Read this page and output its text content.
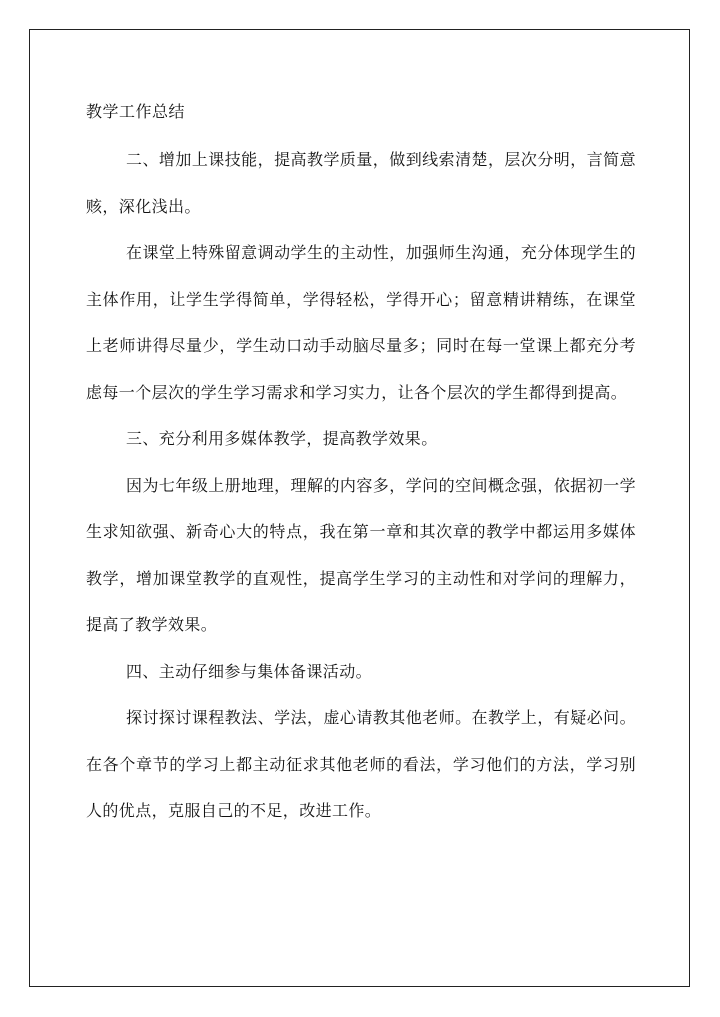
教学工作总结

二、增加上课技能，提高教学质量，做到线索清楚，层次分明，言简意赅，深化浅出。

在课堂上特殊留意调动学生的主动性，加强师生沟通，充分体现学生的主体作用，让学生学得简单，学得轻松，学得开心；留意精讲精练，在课堂上老师讲得尽量少，学生动口动手动脑尽量多；同时在每一堂课上都充分考虑每一个层次的学生学习需求和学习实力，让各个层次的学生都得到提高。

三、充分利用多媒体教学，提高教学效果。

因为七年级上册地理，理解的内容多，学问的空间概念强，依据初一学生求知欲强、新奇心大的特点，我在第一章和其次章的教学中都运用多媒体教学，增加课堂教学的直观性，提高学生学习的主动性和对学问的理解力，提高了教学效果。

四、主动仔细参与集体备课活动。

探讨探讨课程教法、学法，虚心请教其他老师。在教学上，有疑必问。在各个章节的学习上都主动征求其他老师的看法，学习他们的方法，学习别人的优点，克服自己的不足，改进工作。
